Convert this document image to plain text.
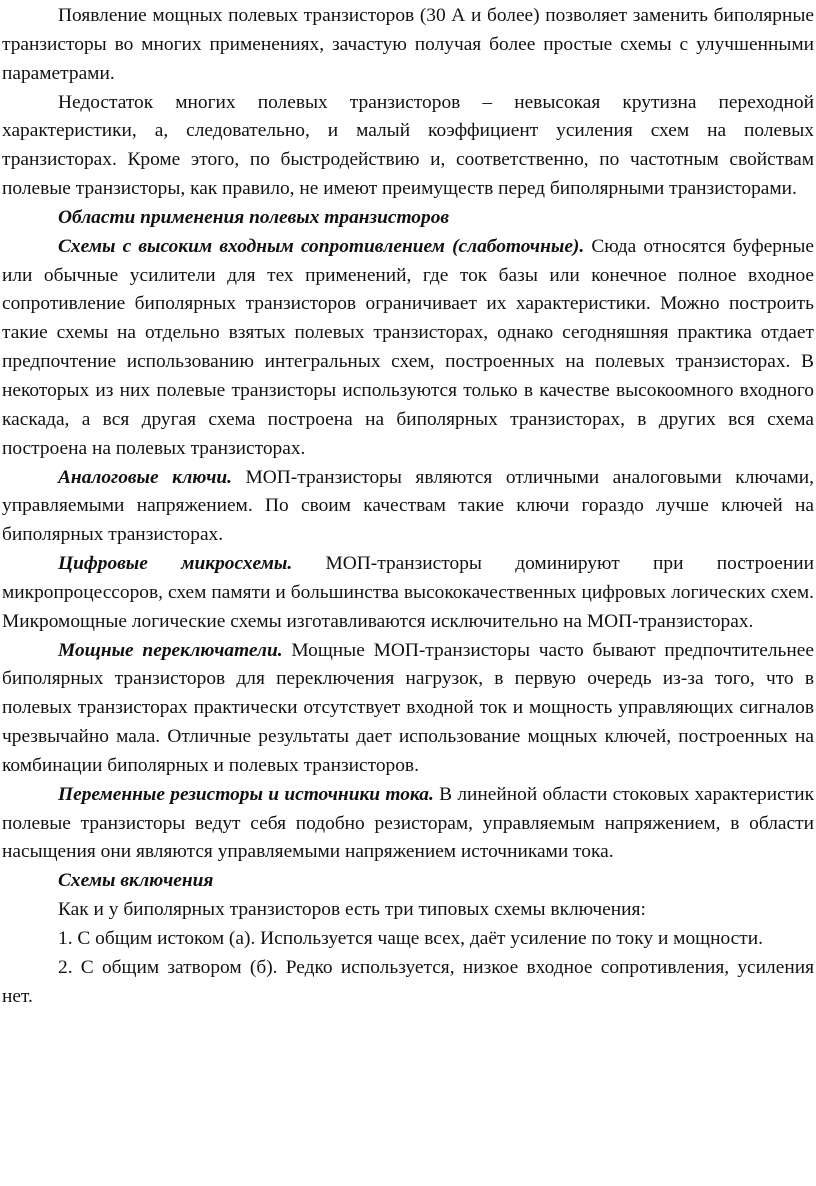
Появление мощных полевых транзисторов (30 А и более) позволяет заменить биполярные транзисторы во многих применениях, зачастую получая более простые схемы с улучшенными параметрами.

Недостаток многих полевых транзисторов – невысокая крутизна переходной характеристики, а, следовательно, и малый коэффициент усиления схем на полевых транзисторах. Кроме этого, по быстродействию и, соответственно, по частотным свойствам полевые транзисторы, как правило, не имеют преимуществ перед биполярными транзисторами.

Области применения полевых транзисторов

Схемы с высоким входным сопротивлением (слаботочные). Сюда относятся буферные или обычные усилители для тех применений, где ток базы или конечное полное входное сопротивление биполярных транзисторов ограничивает их характеристики. Можно построить такие схемы на отдельно взятых полевых транзисторах, однако сегодняшняя практика отдает предпочтение использованию интегральных схем, построенных на полевых транзисторах. В некоторых из них полевые транзисторы используются только в качестве высокоомного входного каскада, а вся другая схема построена на биполярных транзисторах, в других вся схема построена на полевых транзисторах.

Аналоговые ключи. МОП-транзисторы являются отличными аналоговыми ключами, управляемыми напряжением. По своим качествам такие ключи гораздо лучше ключей на биполярных транзисторах.

Цифровые микросхемы. МОП-транзисторы доминируют при построении микропроцессоров, схем памяти и большинства высококачественных цифровых логических схем. Микромощные логические схемы изготавливаются исключительно на МОП-транзисторах.

Мощные переключатели. Мощные МОП-транзисторы часто бывают предпочтительнее биполярных транзисторов для переключения нагрузок, в первую очередь из-за того, что в полевых транзисторах практически отсутствует входной ток и мощность управляющих сигналов чрезвычайно мала. Отличные результаты дает использование мощных ключей, построенных на комбинации биполярных и полевых транзисторов.

Переменные резисторы и источники тока. В линейной области стоковых характеристик полевые транзисторы ведут себя подобно резисторам, управляемым напряжением, в области насыщения они являются управляемыми напряжением источниками тока.

Схемы включения

Как и у биполярных транзисторов есть три типовых схемы включения:

1. С общим истоком (а). Используется чаще всех, даёт усиление по току и мощности.

2. С общим затвором (б). Редко используется, низкое входное сопротивления, усиления нет.
